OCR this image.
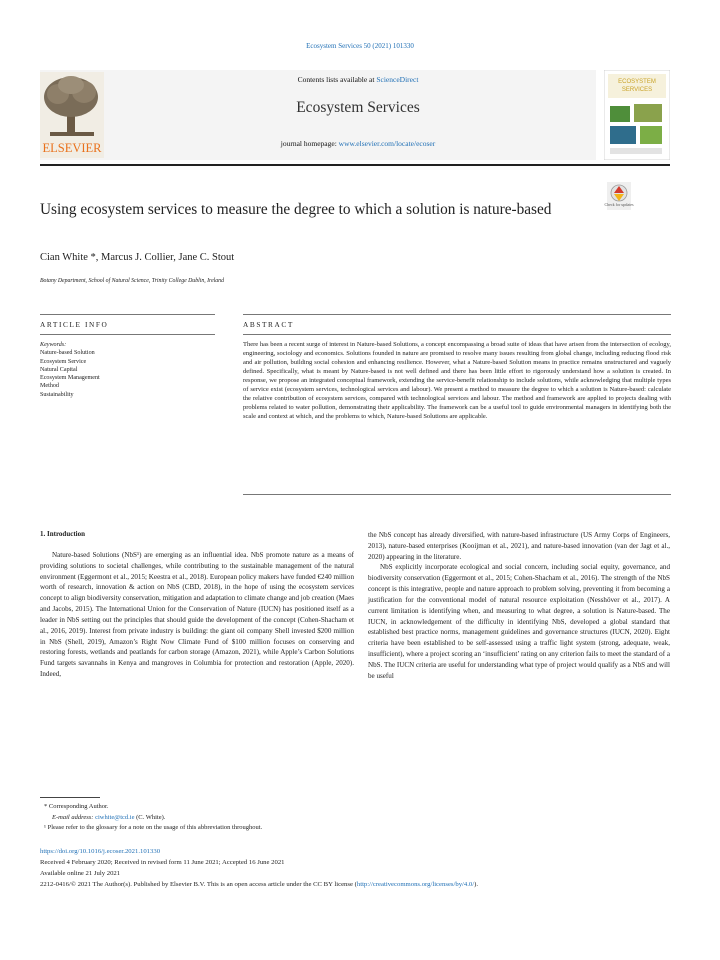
Ecosystem Services 50 (2021) 101330
ELSEVIER
Contents lists available at ScienceDirect
Ecosystem Services
journal homepage: www.elsevier.com/locate/ecoser
ECOSYSTEM
SERVICES
Check for updates
Using ecosystem services to measure the degree to which a solution is nature-based
Cian White *, Marcus J. Collier, Jane C. Stout
Botany Department, School of Natural Science, Trinity College Dublin, Ireland
ARTICLE INFO	ABSTRACT
Keywords:
Nature-based Solution
Ecosystem Service
Natural Capital
Ecosystem Management
Method
Sustainability
There has been a recent surge of interest in Nature-based Solutions, a concept encompassing a broad suite of ideas that have arisen from the intersection of ecology, engineering, sociology and economics. Solutions founded in nature are promised to resolve many issues resulting from global change, including reducing flood risk and air pollution, building social cohesion and enhancing resilience. However, what a Nature-based Solution means in practice remains unstructured and vaguely defined. Specifically, what is meant by Nature-based is not well defined and there has been little effort to rigorously understand how a solution is created. In response, we propose an integrated conceptual framework, extending the service-benefit relationship to include solutions, while acknowledging that multiple types of service exist (ecosystem services, technological services and labour). We present a method to measure the degree to which a solution is Nature-based: calculate the relative contribution of ecosystem services, compared with technological services and labour. The method and framework are applied to projects dealing with problems related to water pollution, demonstrating their applicability. The framework can be a useful tool to guide environmental managers in identifying both the scale and context at which, and the problems to which, Nature-based Solutions are applicable.
1. Introduction

Nature-based Solutions (NbS¹) are emerging as an influential idea. NbS promote nature as a means of providing solutions to societal challenges, while contributing to the sustainable management of the natural environment (Eggermont et al., 2015; Keestra et al., 2018). European policy makers have funded €240 million worth of research, innovation & action on NbS (CBD, 2018), in the hope of using the ecosystem services concept to align biodiversity conservation, mitigation and adaptation to climate change and job creation (Maes and Jacobs, 2015). The International Union for the Conservation of Nature (IUCN) has positioned itself as a leader in NbS setting out the principles that should guide the development of the concept (Cohen-Shacham et al., 2016, 2019). Interest from private industry is building: the giant oil company Shell invested $200 million in NbS (Shell, 2019), Amazon’s Right Now Climate Fund of $100 million focuses on conserving and restoring forests, wetlands and peatlands for carbon storage (Amazon, 2021), while Apple’s Carbon Solutions Fund targets savannahs in Kenya and mangroves in Columbia for protection and restoration (Apple, 2020). Indeed,

the NbS concept has already diversified, with nature-based infrastructure (US Army Corps of Engineers, 2013), nature-based enterprises (Kooijman et al., 2021), and nature-based innovation (van der Jagt et al., 2020) appearing in the literature.

NbS explicitly incorporate ecological and social concern, including social equity, governance, and biodiversity conservation (Eggermont et al., 2015; Cohen-Shacham et al., 2016). The strength of the NbS concept is this integrative, people and nature approach to problem solving, preventing it from becoming a justification for the conventional model of natural resource exploitation (Nesshöver et al., 2017). A current limitation is identifying when, and measuring to what degree, a solution is Nature-based. The IUCN, in acknowledgement of the difficulty in identifying NbS, developed a global standard that established best practice norms, management guidelines and governance structures (IUCN, 2020). Eight criteria have been established to be self-assessed using a traffic light system (strong, adequate, weak, insufficient), where a project scoring an ‘insufficient’ rating on any criterion fails to meet the standard of a NbS. The IUCN criteria are useful for understanding what type of project would qualify as a NbS and will be useful

* Corresponding Author.
E-mail address: ciwhite@tcd.ie (C. White).
¹ Please refer to the glossary for a note on the usage of this abbreviation throughout.
https://doi.org/10.1016/j.ecoser.2021.101330
Received 4 February 2020; Received in revised form 11 June 2021; Accepted 16 June 2021
Available online 21 July 2021
2212-0416/© 2021 The Author(s). Published by Elsevier B.V. This is an open access article under the CC BY license (http://creativecommons.org/licenses/by/4.0/).
